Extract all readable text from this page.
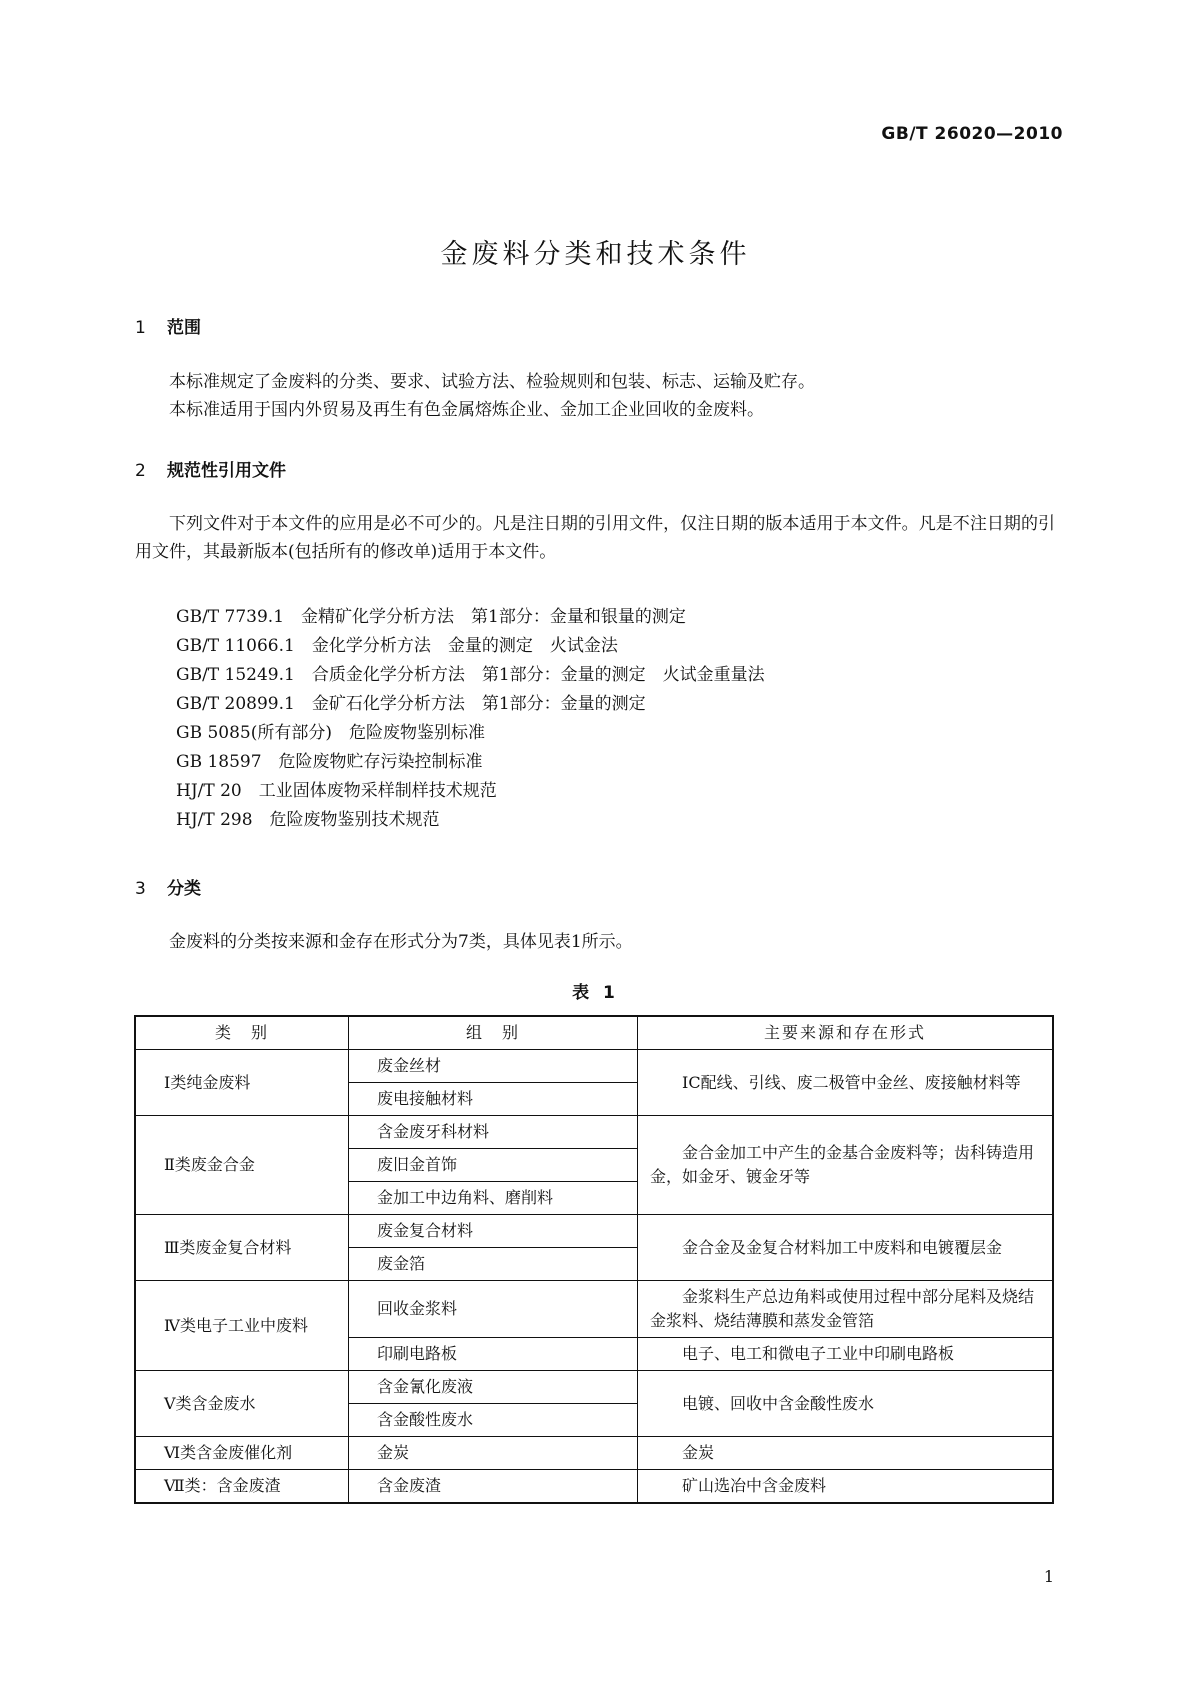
GB/T 26020—2010
金废料分类和技术条件
1 范围
本标准规定了金废料的分类、要求、试验方法、检验规则和包装、标志、运输及贮存。
本标准适用于国内外贸易及再生有色金属熔炼企业、金加工企业回收的金废料。
2 规范性引用文件
下列文件对于本文件的应用是必不可少的。凡是注日期的引用文件，仅注日期的版本适用于本文件。凡是不注日期的引用文件，其最新版本(包括所有的修改单)适用于本文件。
GB/T 7739.1　金精矿化学分析方法　第1部分：金量和银量的测定
GB/T 11066.1　金化学分析方法　金量的测定　火试金法
GB/T 15249.1　合质金化学分析方法　第1部分：金量的测定　火试金重量法
GB/T 20899.1　金矿石化学分析方法　第1部分：金量的测定
GB 5085(所有部分)　危险废物鉴别标准
GB 18597　危险废物贮存污染控制标准
HJ/T 20　工业固体废物采样制样技术规范
HJ/T 298　危险废物鉴别技术规范
3 分类
金废料的分类按来源和金存在形式分为7类，具体见表1所示。
表 1
类　别	组　别	主要来源和存在形式
Ⅰ类纯金废料	废金丝材	IC配线、引线、废二极管中金丝、废接触材料等
	废电接触材料	
Ⅱ类废金合金	含金废牙科材料	金合金加工中产生的金基合金废料等；齿科铸造用金，如金牙、镀金牙等
	废旧金首饰	
	金加工中边角料、磨削料	
Ⅲ类废金复合材料	废金复合材料	金合金及金复合材料加工中废料和电镀覆层金
	废金箔	
Ⅳ类电子工业中废料	回收金浆料	金浆料生产总边角料或使用过程中部分尾料及烧结金浆料、烧结薄膜和蒸发金管箔
	印刷电路板	电子、电工和微电子工业中印刷电路板
Ⅴ类含金废水	含金氰化废液	电镀、回收中含金酸性废水
	含金酸性废水	
Ⅵ类含金废催化剂	金炭	金炭
Ⅶ类：含金废渣	含金废渣	矿山选冶中含金废料
1
